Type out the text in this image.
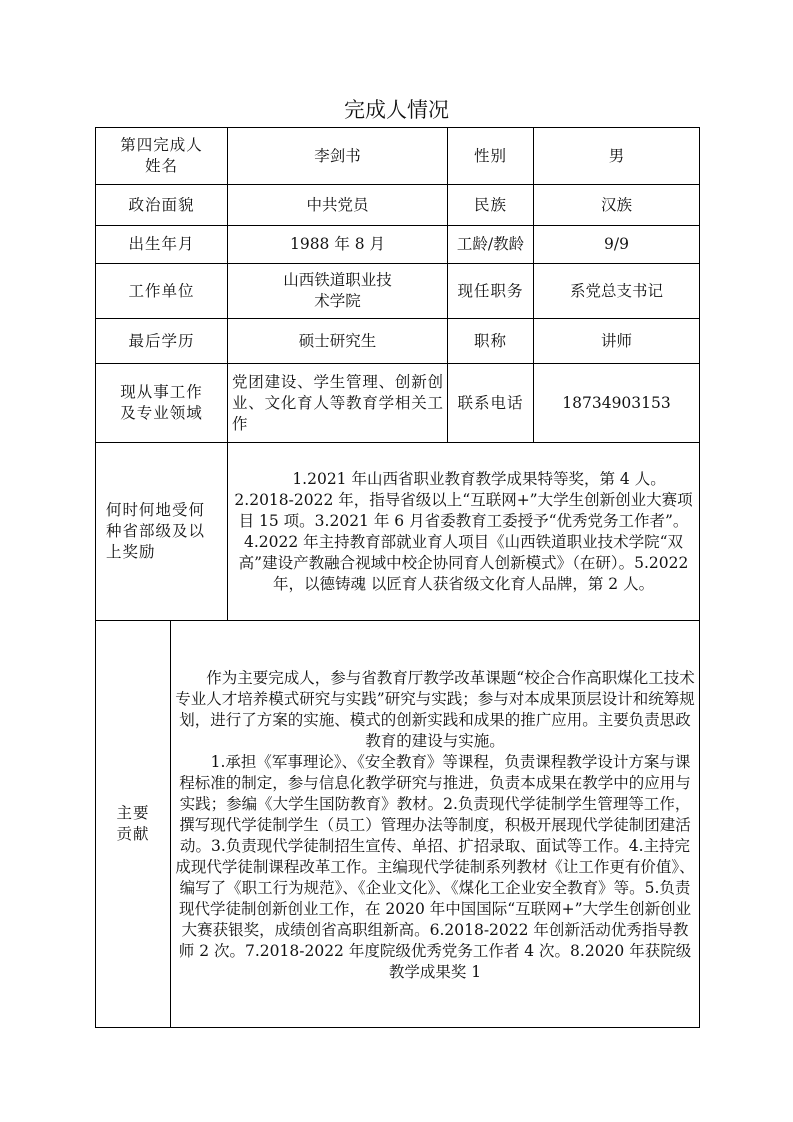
完成人情况
第四完成人姓名		李剑书	性别	男
政治面貌		中共党员	民族	汉族
出生年月		1988 年 8 月	工龄/教龄	9/9
工作单位		山西铁道职业技术学院	现任职务	系党总支书记
最后学历		硕士研究生	职称	讲师
现从事工作及专业领域		党团建设、学生管理、创新创业、文化育人等教育学相关工作	联系电话	18734903153
何时何地受何种省部级及以上奖励		1.2021 年山西省职业教育教学成果特等奖，第 4 人。

2.2018-2022 年，指导省级以上“互联网+”大学生创新创业大赛项目 15 项。3.2021 年 6 月省委教育工委授予“优秀党务工作者”。4.2022 年主持教育部就业育人项目《山西铁道职业技术学院“双高”建设产教融合视域中校企协同育人创新模式》（在研）。5.2022 年，以德铸魂 以匠育人获省级文化育人品牌，第 2 人。		

主要贡献	作为主要完成人，参与省教育厅教学改革课题“校企合作高职煤化工技术专业人才培养模式研究与实践”研究与实践；参与对本成果顶层设计和统筹规划，进行了方案的实施、模式的创新实践和成果的推广应用。主要负责思政教育的建设与实施。

1.承担《军事理论》、《安全教育》等课程，负责课程教学设计方案与课程标准的制定，参与信息化教学研究与推进，负责本成果在教学中的应用与实践；参编《大学生国防教育》教材。2.负责现代学徒制学生管理等工作，撰写现代学徒制学生（员工）管理办法等制度，积极开展现代学徒制团建活动。3.负责现代学徒制招生宣传、单招、扩招录取、面试等工作。4.主持完成现代学徒制课程改革工作。主编现代学徒制系列教材《让工作更有价值》、编写了《职工行为规范》、《企业文化》、《煤化工企业安全教育》等。5.负责现代学徒制创新创业工作，在 2020 年中国国际“互联网+”大学生创新创业大赛获银奖，成绩创省高职组新高。6.2018-2022 年创新活动优秀指导教师 2 次。7.2018-2022 年度院级优秀党务工作者 4 次。8.2020 年获院级教学成果奖 1			
